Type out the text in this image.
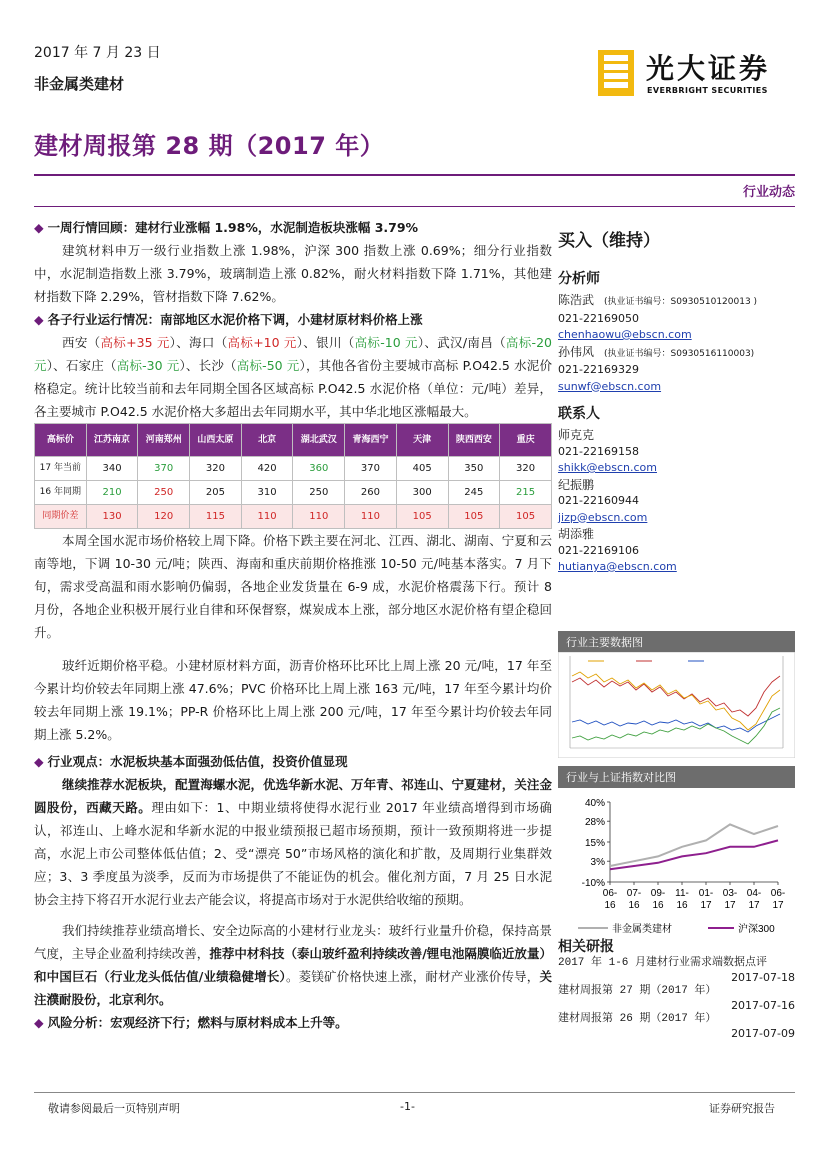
2017 年 7 月 23 日
非金属类建材
建材周报第 28 期（2017 年）
光大证券
EVERBRIGHT SECURITIES
行业动态
◆ 一周行情回顾：建材行业涨幅 1.98%，水泥制造板块涨幅 3.79%
建筑材料申万一级行业指数上涨 1.98%，沪深 300 指数上涨 0.69%；细分行业指数中，水泥制造指数上涨 3.79%，玻璃制造上涨 0.82%，耐火材料指数下降 1.71%，其他建材指数下降 2.29%，管材指数下降 7.62%。
◆ 各子行业运行情况：南部地区水泥价格下调，小建材原材料价格上涨
西安（高标+35 元）、海口（高标+10 元）、银川（高标-10 元）、武汉/南昌（高标-20 元）、石家庄（高标-30 元）、长沙（高标-50 元），其他各省份主要城市高标 P.O42.5 水泥价格稳定。统计比较当前和去年同期全国各区域高标 P.O42.5 水泥价格（单位：元/吨）差异，各主要城市 P.O42.5 水泥价格大多超出去年同期水平，其中华北地区涨幅最大。
高标价	江苏南京	河南郑州	山西太原	北京	湖北武汉	青海西宁	天津	陕西西安	重庆
17 年当前	340	370	320	420	360	370	405	350	320
16 年同期	210	250	205	310	250	260	300	245	215
同期价差	130	120	115	110	110	110	105	105	105
本周全国水泥市场价格较上周下降。价格下跌主要在河北、江西、湖北、湖南、宁夏和云南等地，下调 10-30 元/吨；陕西、海南和重庆前期价格推涨 10-50 元/吨基本落实。7 月下旬，需求受高温和雨水影响仍偏弱，各地企业发货量在 6-9 成，水泥价格震荡下行。预计 8 月份，各地企业积极开展行业自律和环保督察，煤炭成本上涨，部分地区水泥价格有望企稳回升。
玻纤近期价格平稳。小建材原材料方面，沥青价格环比环比上周上涨 20 元/吨，17 年至今累计均价较去年同期上涨 47.6%；PVC 价格环比上周上涨 163 元/吨，17 年至今累计均价较去年同期上涨 19.1%；PP-R 价格环比上周上涨 200 元/吨，17 年至今累计均价较去年同期上涨 5.2%。
◆ 行业观点：水泥板块基本面强劲低估值，投资价值显现
继续推荐水泥板块，配置海螺水泥，优选华新水泥、万年青、祁连山、宁夏建材，关注金圆股份，西藏天路。理由如下：1、中期业绩将使得水泥行业 2017 年业绩高增得到市场确认，祁连山、上峰水泥和华新水泥的中报业绩预报已超市场预期，预计一致预期将进一步提高，水泥上市公司整体低估值；2、受“漂亮 50”市场风格的演化和扩散，及周期行业集群效应；3、3 季度虽为淡季，反而为市场提供了不能证伪的机会。催化剂方面，7 月 25 日水泥协会主持下将召开水泥行业去产能会议，将提高市场对于水泥供给收缩的预期。
我们持续推荐业绩高增长、安全边际高的小建材行业龙头：玻纤行业量升价稳，保持高景气度，主导企业盈利持续改善，推荐中材科技（泰山玻纤盈利持续改善/锂电池隔膜临近放量）和中国巨石（行业龙头低估值/业绩稳健增长）。菱镁矿价格快速上涨，耐材产业涨价传导，关注濮耐股份，北京利尔。
◆ 风险分析：宏观经济下行；燃料与原材料成本上升等。
买入（维持）
分析师
陈浩武 (执业证书编号：S0930510120013 )
021-22169050
chenhaowu@ebscn.com
孙伟风 (执业证书编号：S0930516110003)
021-22169329
sunwf@ebscn.com
联系人
师克克
021-22169158
shikk@ebscn.com
纪振鹏
021-22160944
jizp@ebscn.com
胡添雅
021-22169106
hutianya@ebscn.com
行业主要数据图
行业与上证指数对比图
40%
28%
15%
3%
-10%
06-
16
07-
16
09-
16
11-
16
01-
17
03-
17
04-
17
06-
17
非金属类建材	沪深300
相关研报
2017 年 1-6 月建材行业需求端数据点评
2017-07-18
建材周报第 27 期（2017 年）
2017-07-16
建材周报第 26 期（2017 年）
2017-07-09
敬请参阅最后一页特别声明	-1-	证券研究报告
